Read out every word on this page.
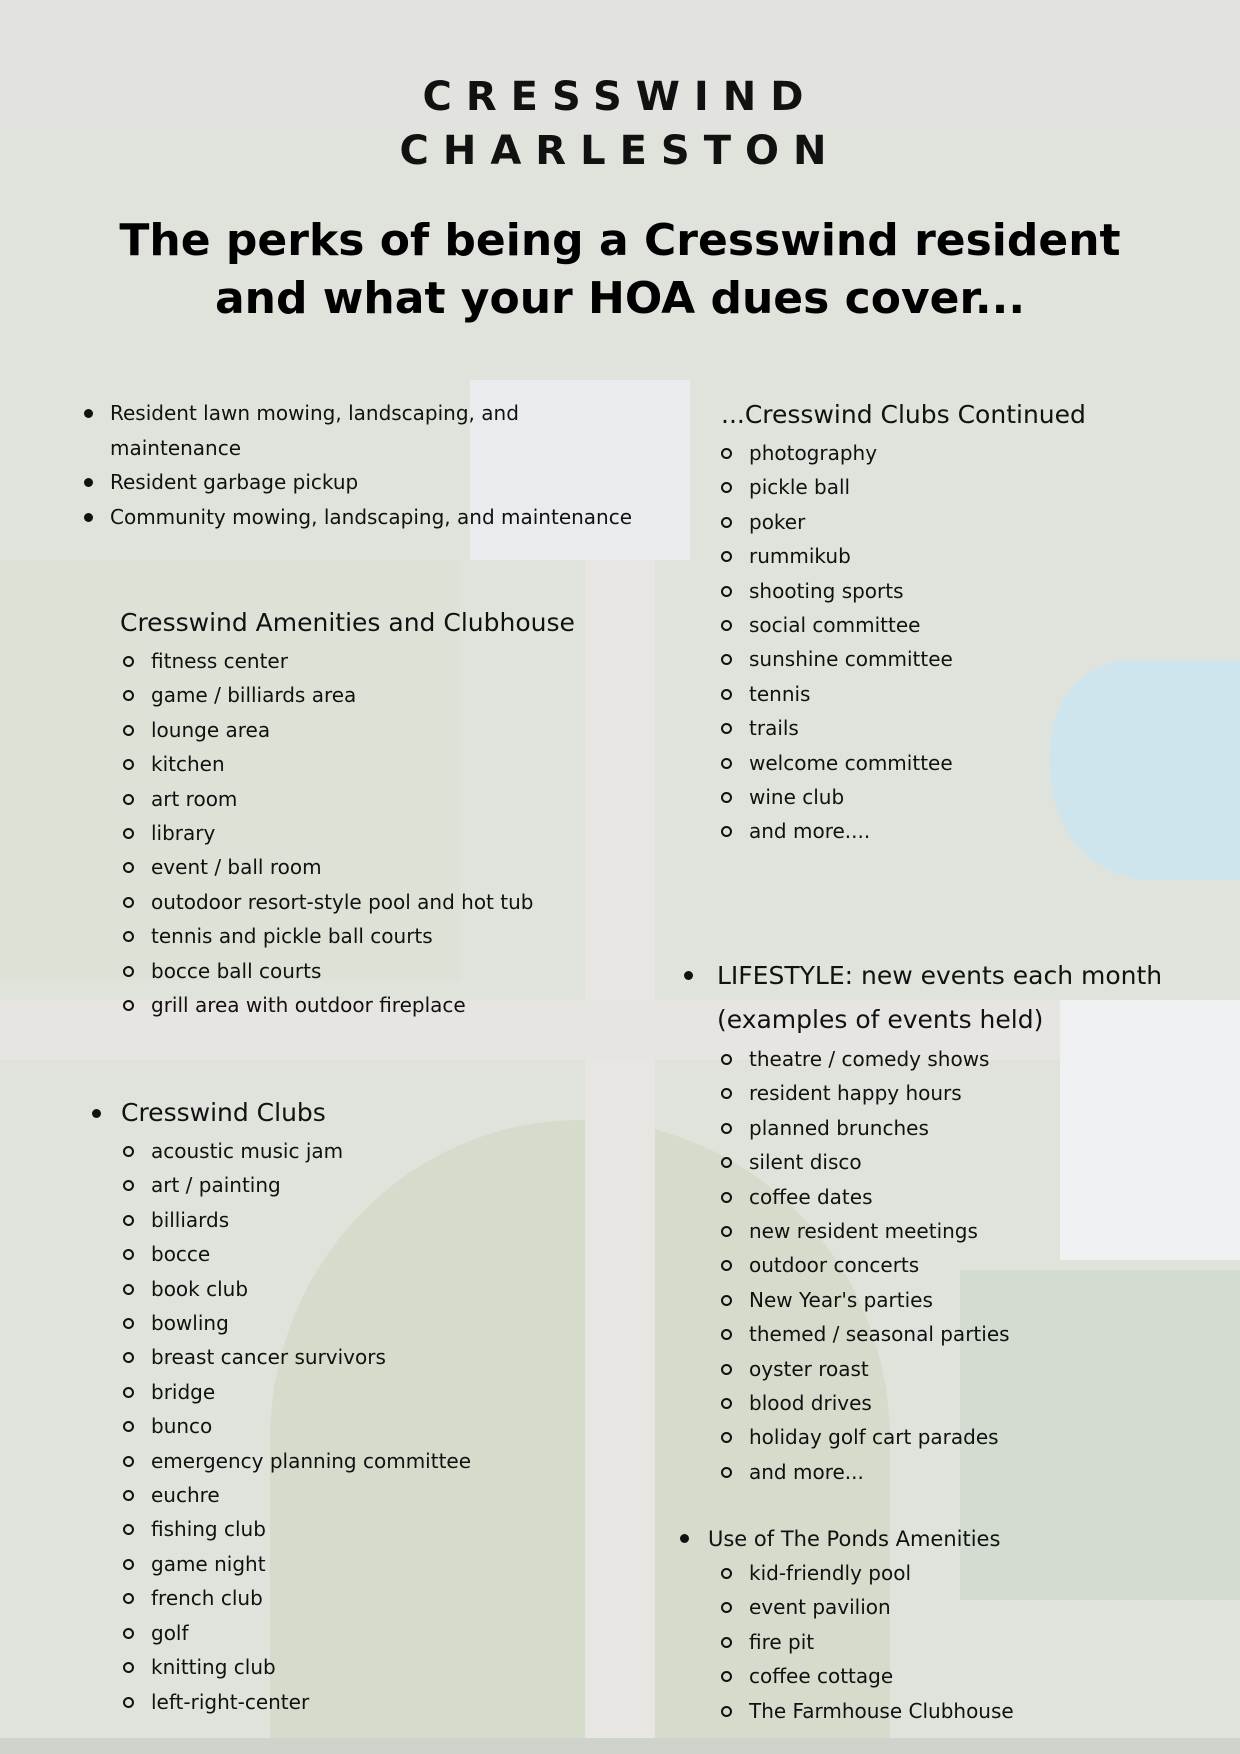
CRESSWIND
CHARLESTON
The perks of being a Cresswind resident
and what your HOA dues cover...
Resident lawn mowing, landscaping, and maintenance
Resident garbage pickup
Community mowing, landscaping, and maintenance
Cresswind Amenities and Clubhouse
fitness center
game / billiards area
lounge area
kitchen
art room
library
event / ball room
outodoor resort-style pool and hot tub
tennis and pickle ball courts
bocce ball courts
grill area with outdoor fireplace
Cresswind Clubs
acoustic music jam
art / painting
billiards
bocce
book club
bowling
breast cancer survivors
bridge
bunco
emergency planning committee
euchre
fishing club
game night
french club
golf
knitting club
left-right-center
...Cresswind Clubs Continued
photography
pickle ball
poker
rummikub
shooting sports
social committee
sunshine committee
tennis
trails
welcome committee
wine club
and more....
LIFESTYLE: new events each month (examples of events held)
theatre / comedy shows
resident happy hours
planned brunches
silent disco
coffee dates
new resident meetings
outdoor concerts
New Year's parties
themed / seasonal parties
oyster roast
blood drives
holiday golf cart parades
and more...
Use of The Ponds Amenities
kid-friendly pool
event pavilion
fire pit
coffee cottage
The Farmhouse Clubhouse
